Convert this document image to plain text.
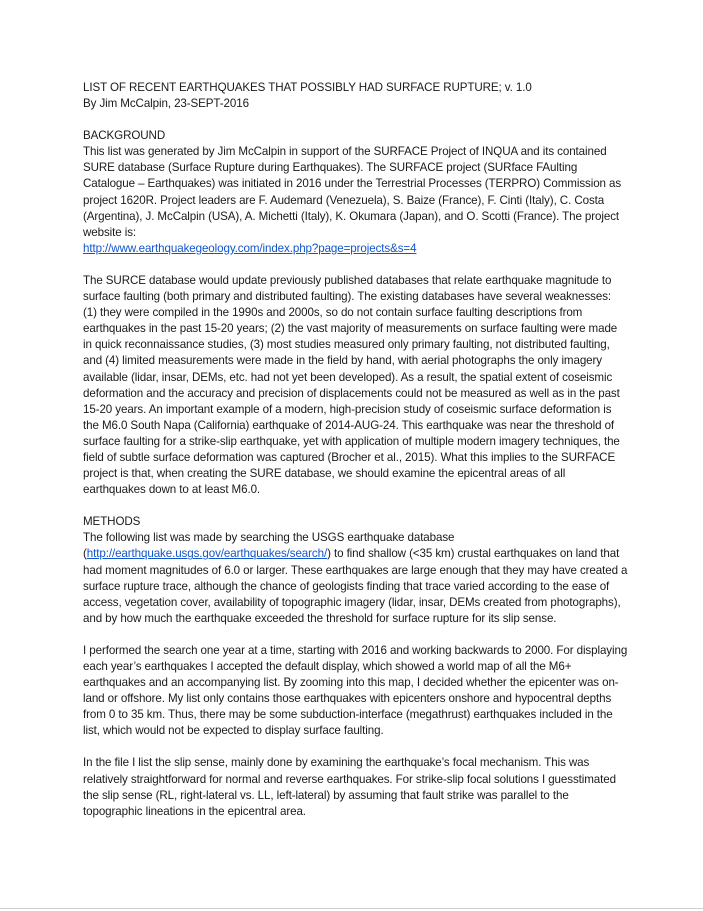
LIST OF RECENT EARTHQUAKES THAT POSSIBLY HAD SURFACE RUPTURE; v. 1.0

By Jim McCalpin, 23-SEPT-2016

BACKGROUND

This list was generated by Jim McCalpin in support of the SURFACE Project of INQUA and its contained SURE database (Surface Rupture during Earthquakes). The SURFACE project (SURface FAulting Catalogue – Earthquakes) was initiated in 2016 under the Terrestrial Processes (TERPRO) Commission as project 1620R. Project leaders are F. Audemard (Venezuela), S. Baize (France), F. Cinti (Italy), C. Costa (Argentina), J. McCalpin (USA), A. Michetti (Italy), K. Okumara (Japan), and O. Scotti (France). The project website is:
http://www.earthquakegeology.com/index.php?page=projects&s=4

The SURCE database would update previously published databases that relate earthquake magnitude to surface faulting (both primary and distributed faulting). The existing databases have several weaknesses: (1) they were compiled in the 1990s and 2000s, so do not contain surface faulting descriptions from earthquakes in the past 15-20 years; (2) the vast majority of measurements on surface faulting were made in quick reconnaissance studies, (3) most studies measured only primary faulting, not distributed faulting, and (4) limited measurements were made in the field by hand, with aerial photographs the only imagery available (lidar, insar, DEMs, etc. had not yet been developed). As a result, the spatial extent of coseismic deformation and the accuracy and precision of displacements could not be measured as well as in the past 15-20 years. An important example of a modern, high-precision study of coseismic surface deformation is the M6.0 South Napa (California) earthquake of 2014-AUG-24. This earthquake was near the threshold of surface faulting for a strike-slip earthquake, yet with application of multiple modern imagery techniques, the field of subtle surface deformation was captured (Brocher et al., 2015). What this implies to the SURFACE project is that, when creating the SURE database, we should examine the epicentral areas of all earthquakes down to at least M6.0.

METHODS

The following list was made by searching the USGS earthquake database
(http://earthquake.usgs.gov/earthquakes/search/) to find shallow (<35 km) crustal earthquakes on land that had moment magnitudes of 6.0 or larger. These earthquakes are large enough that they may have created a surface rupture trace, although the chance of geologists finding that trace varied according to the ease of access, vegetation cover, availability of topographic imagery (lidar, insar, DEMs created from photographs), and by how much the earthquake exceeded the threshold for surface rupture for its slip sense.

I performed the search one year at a time, starting with 2016 and working backwards to 2000. For displaying each year’s earthquakes I accepted the default display, which showed a world map of all the M6+ earthquakes and an accompanying list. By zooming into this map, I decided whether the epicenter was on-land or offshore. My list only contains those earthquakes with epicenters onshore and hypocentral depths from 0 to 35 km. Thus, there may be some subduction-interface (megathrust) earthquakes included in the list, which would not be expected to display surface faulting.

In the file I list the slip sense, mainly done by examining the earthquake’s focal mechanism. This was relatively straightforward for normal and reverse earthquakes. For strike-slip focal solutions I guesstimated the slip sense (RL, right-lateral vs. LL, left-lateral) by assuming that fault strike was parallel to the topographic lineations in the epicentral area.
